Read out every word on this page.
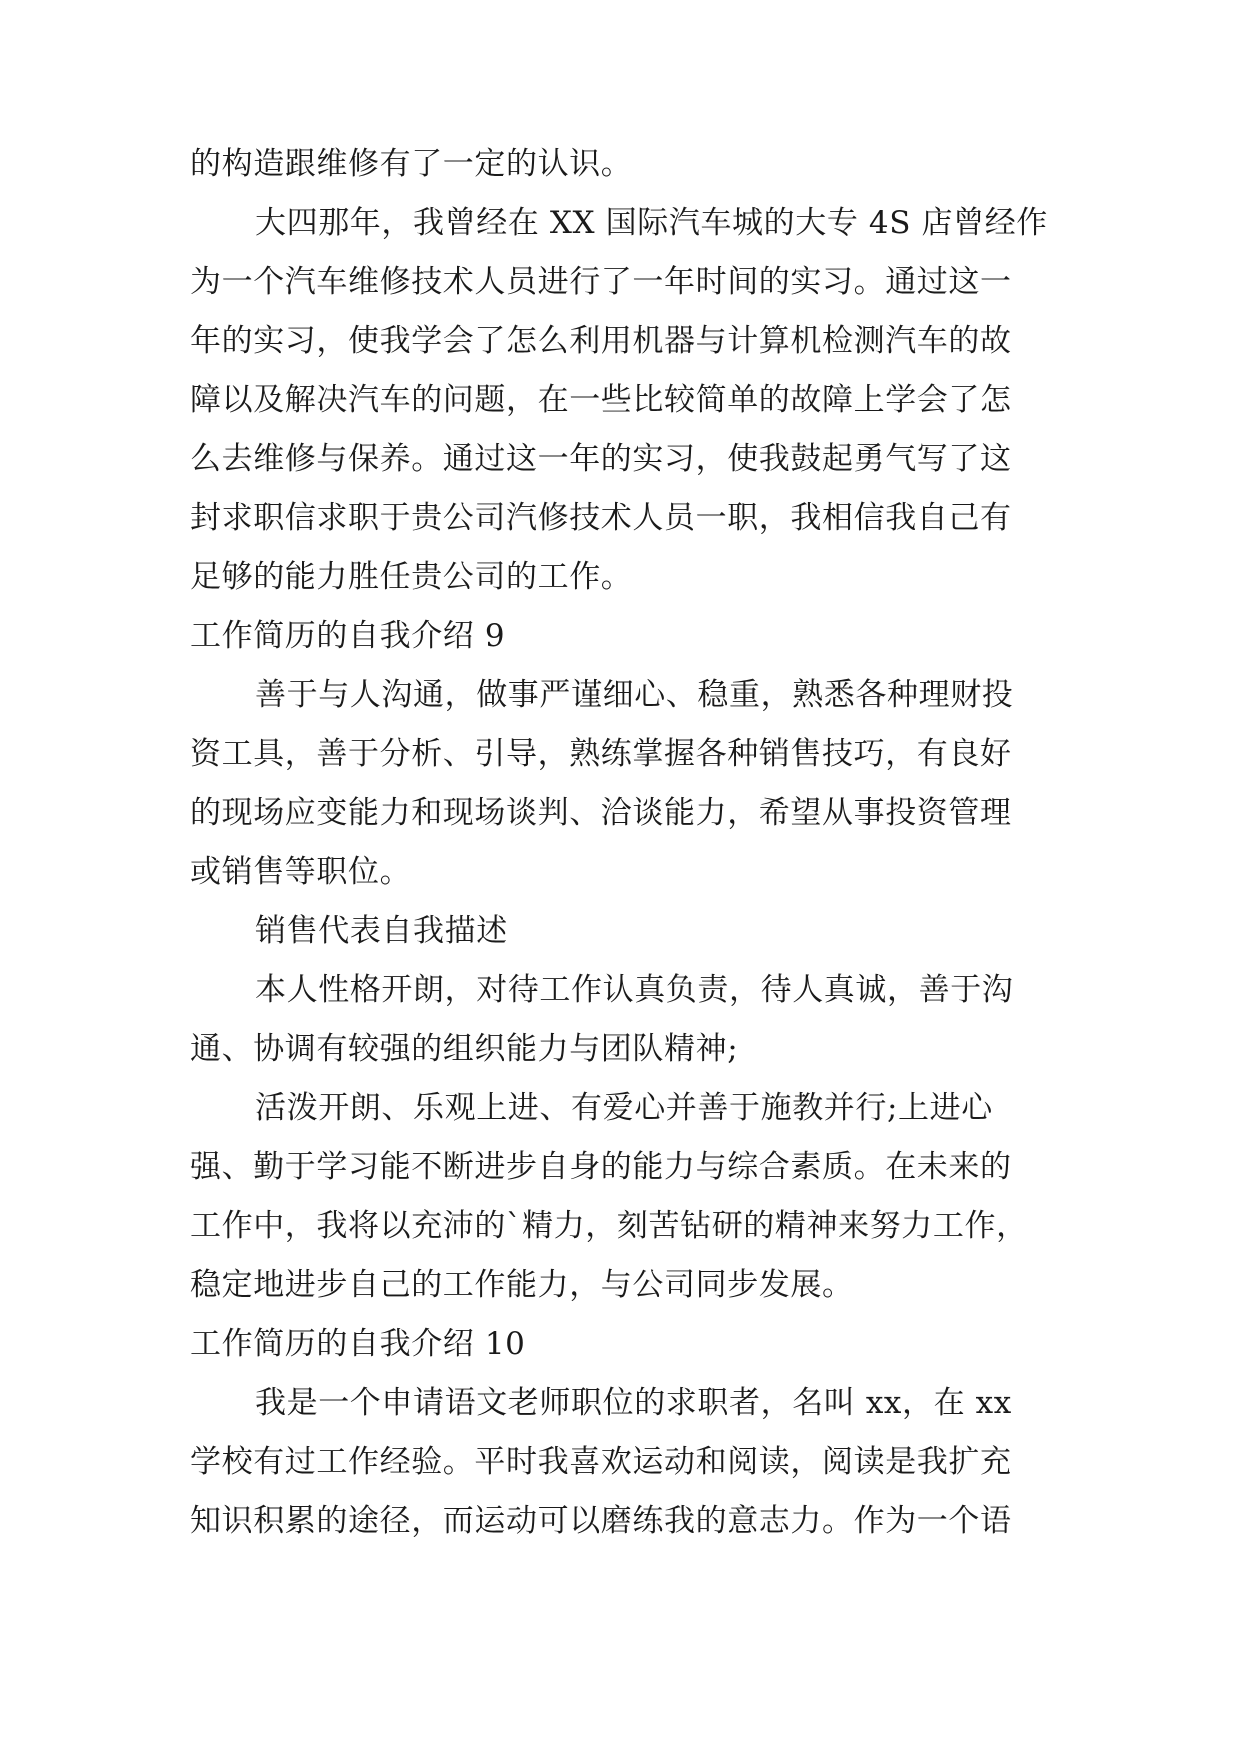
的构造跟维修有了一定的认识。
大四那年，我曾经在 XX 国际汽车城的大专 4S 店曾经作
为一个汽车维修技术人员进行了一年时间的实习。通过这一
年的实习，使我学会了怎么利用机器与计算机检测汽车的故
障以及解决汽车的问题，在一些比较简单的故障上学会了怎
么去维修与保养。通过这一年的实习，使我鼓起勇气写了这
封求职信求职于贵公司汽修技术人员一职，我相信我自己有
足够的能力胜任贵公司的工作。
工作简历的自我介绍 9
善于与人沟通，做事严谨细心、稳重，熟悉各种理财投
资工具，善于分析、引导，熟练掌握各种销售技巧，有良好
的现场应变能力和现场谈判、洽谈能力，希望从事投资管理
或销售等职位。
销售代表自我描述
本人性格开朗，对待工作认真负责，待人真诚，善于沟
通、协调有较强的组织能力与团队精神;
活泼开朗、乐观上进、有爱心并善于施教并行;上进心
强、勤于学习能不断进步自身的能力与综合素质。在未来的
工作中，我将以充沛的`精力，刻苦钻研的精神来努力工作，
稳定地进步自己的工作能力，与公司同步发展。
工作简历的自我介绍 10
我是一个申请语文老师职位的求职者，名叫 xx，在 xx
学校有过工作经验。平时我喜欢运动和阅读，阅读是我扩充
知识积累的途径，而运动可以磨练我的意志力。作为一个语
